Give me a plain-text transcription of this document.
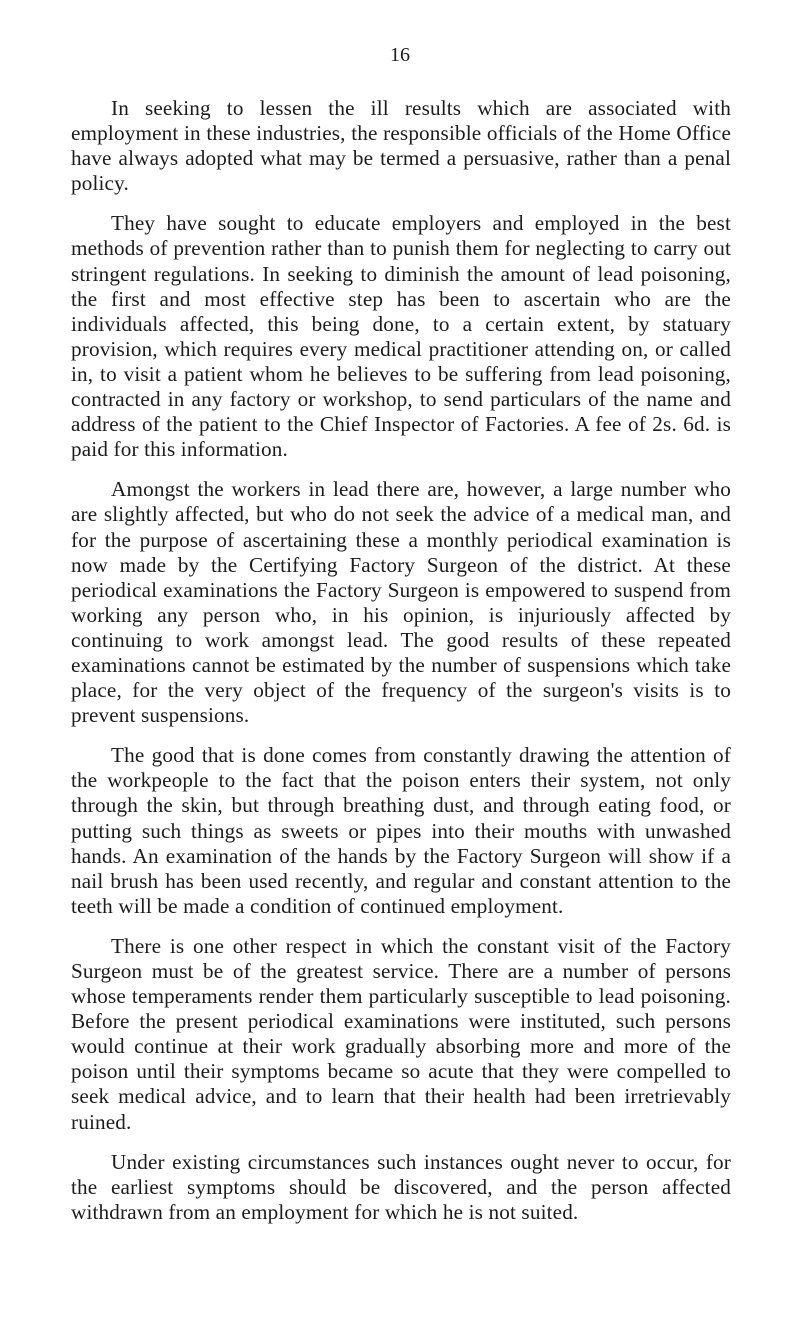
16

In seeking to lessen the ill results which are associated with employment in these industries, the responsible officials of the Home Office have always adopted what may be termed a persuasive, rather than a penal policy.

They have sought to educate employers and employed in the best methods of prevention rather than to punish them for neglecting to carry out stringent regulations. In seeking to diminish the amount of lead poisoning, the first and most effective step has been to ascertain who are the individuals affected, this being done, to a certain extent, by statuary provision, which requires every medical practitioner attending on, or called in, to visit a patient whom he believes to be suffering from lead poisoning, contracted in any factory or workshop, to send particulars of the name and address of the patient to the Chief Inspector of Factories. A fee of 2s. 6d. is paid for this information.

Amongst the workers in lead there are, however, a large number who are slightly affected, but who do not seek the advice of a medical man, and for the purpose of ascertaining these a monthly periodical examination is now made by the Certifying Factory Surgeon of the district. At these periodical examinations the Factory Surgeon is empowered to suspend from working any person who, in his opinion, is injuriously affected by continuing to work amongst lead. The good results of these repeated examinations cannot be estimated by the number of suspensions which take place, for the very object of the frequency of the surgeon's visits is to prevent suspensions.

The good that is done comes from constantly drawing the attention of the workpeople to the fact that the poison enters their system, not only through the skin, but through breathing dust, and through eating food, or putting such things as sweets or pipes into their mouths with unwashed hands. An examination of the hands by the Factory Surgeon will show if a nail brush has been used recently, and regular and constant attention to the teeth will be made a condition of continued employment.

There is one other respect in which the constant visit of the Factory Surgeon must be of the greatest service. There are a number of persons whose temperaments render them particularly susceptible to lead poisoning. Before the present periodical examinations were instituted, such persons would continue at their work gradually absorbing more and more of the poison until their symptoms became so acute that they were compelled to seek medical advice, and to learn that their health had been irretrievably ruined.

Under existing circumstances such instances ought never to occur, for the earliest symptoms should be discovered, and the person affected withdrawn from an employment for which he is not suited.
